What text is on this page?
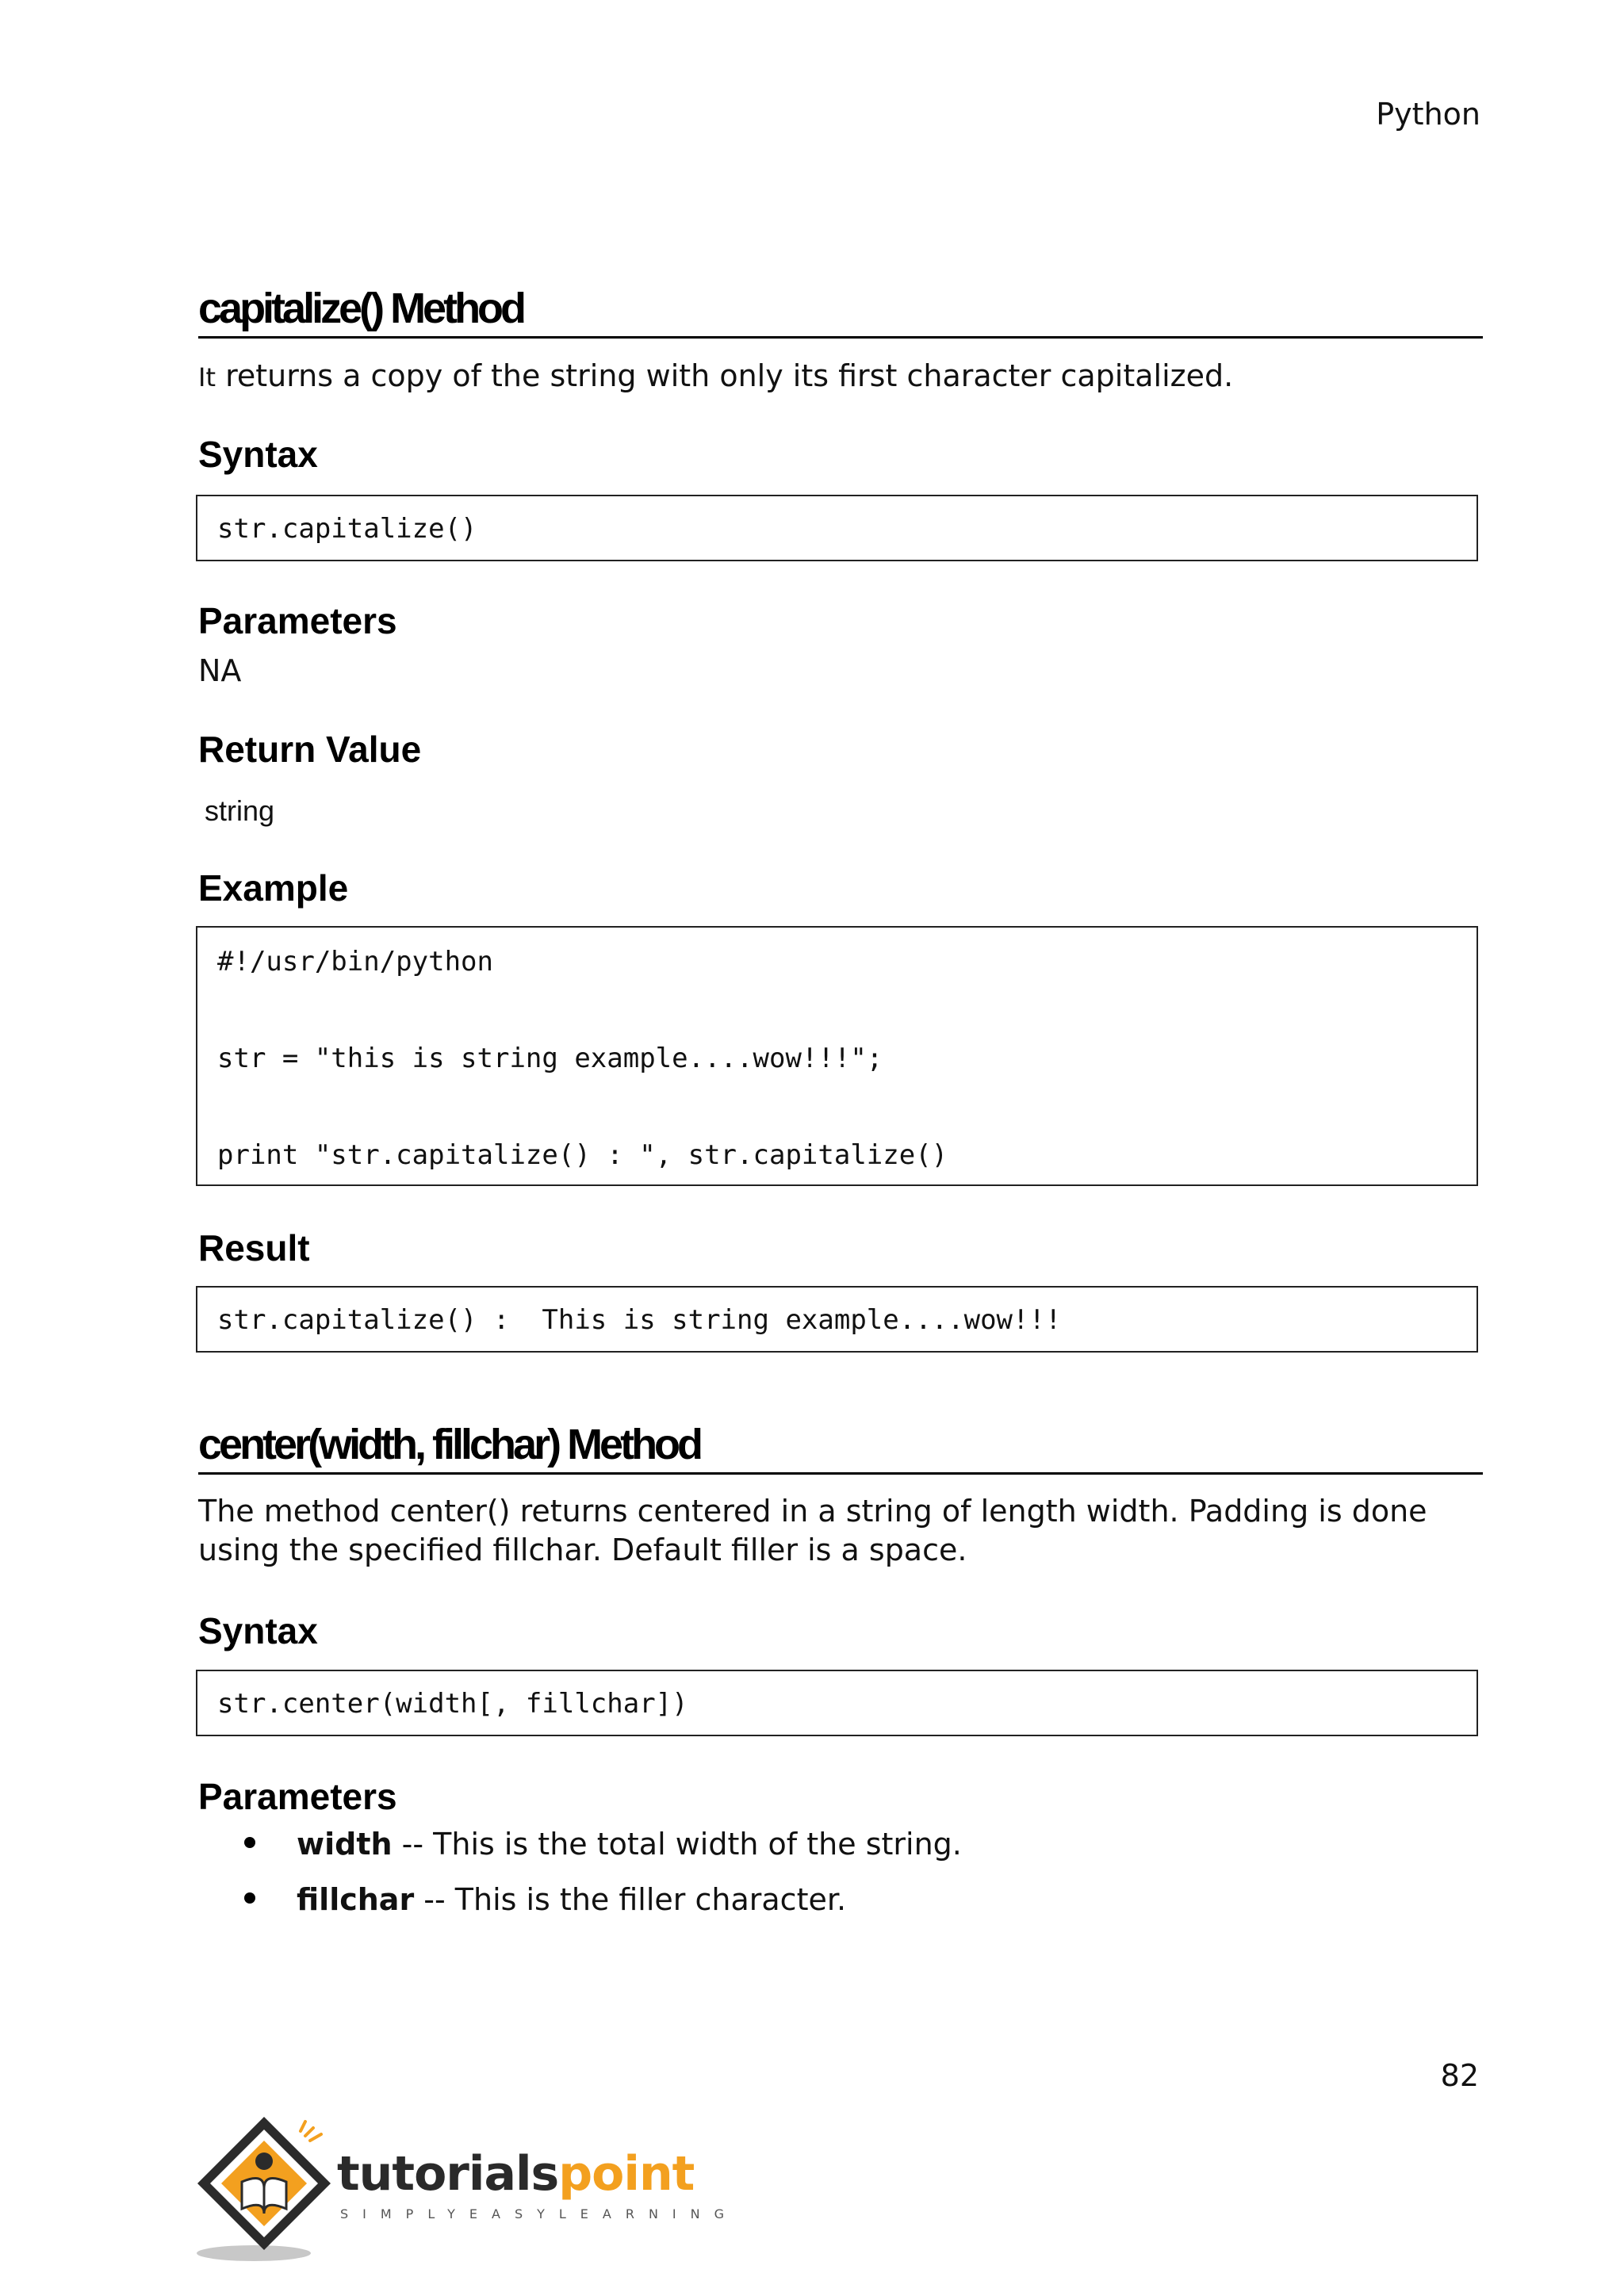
Python
capitalize() Method
It returns a copy of the string with only its first character capitalized.
Syntax
str.capitalize()
Parameters
NA
Return Value
string
Example
#!/usr/bin/python
str = "this is string example....wow!!!";
print "str.capitalize() : ", str.capitalize()
Result
str.capitalize() :  This is string example....wow!!!
center(width, fillchar) Method
The method center() returns centered in a string of length width. Padding is done
using the specified fillchar. Default filler is a space.
Syntax
str.center(width[, fillchar])
Parameters
width -- This is the total width of the string.
fillchar -- This is the filler character.
82
tutorialspoint
SIMPLYEASYLEARNING
